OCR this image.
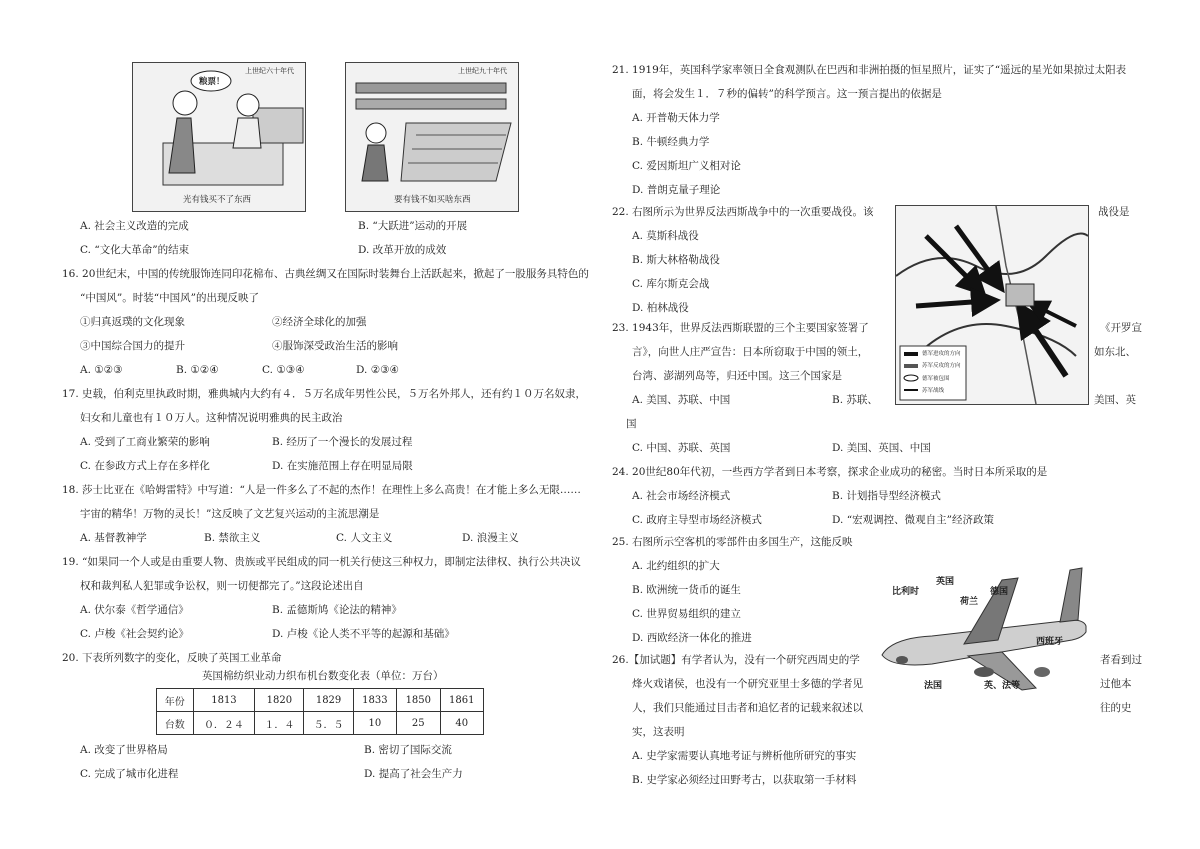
粮票！
上世纪六十年代
光有钱买不了东西
上世纪九十年代
要有钱不如买啥东西
A. 社会主义改造的完成	B. “大跃进”运动的开展
C. “文化大革命”的结束	D. 改革开放的成效
16. 20世纪末，中国的传统服饰连同印花棉布、古典丝绸又在国际时装舞台上活跃起来，掀起了一股服务具特色的
“中国风”。时装“中国风”的出现反映了
①归真返璞的文化现象	②经济全球化的加强
③中国综合国力的提升	④服饰深受政治生活的影响
A. ①②③	B. ①②④	C. ①③④	D. ②③④
17. 史载，伯利克里执政时期，雅典城内大约有４．５万名成年男性公民，５万名外邦人，还有约１０万名奴隶，
妇女和儿童也有１０万人。这种情况说明雅典的民主政治
A. 受到了工商业繁荣的影响	B. 经历了一个漫长的发展过程
C. 在参政方式上存在多样化	D. 在实施范围上存在明显局限
18. 莎士比亚在《哈姆雷特》中写道：“人是一件多么了不起的杰作！在理性上多么高贵！在才能上多么无限……
宇宙的精华！万物的灵长！”这反映了文艺复兴运动的主流思潮是
A. 基督教神学	B. 禁欲主义	C. 人文主义	D. 浪漫主义
19. “如果同一个人或是由重要人物、贵族或平民组成的同一机关行使这三种权力，即制定法律权、执行公共决议
权和裁判私人犯罪或争讼权，则一切便都完了。”这段论述出自
A. 伏尔泰《哲学通信》	B. 孟德斯鸠《论法的精神》
C. 卢梭《社会契约论》	D. 卢梭《论人类不平等的起源和基础》
20. 下表所列数字的变化，反映了英国工业革命
英国棉纺织业动力织布机台数变化表（单位：万台）
年份	1813	1820	1829	1833	1850	1861
台数	０．２４	１．４	５．５	10	25	40
A. 改变了世界格局	B. 密切了国际交流
C. 完成了城市化进程	D. 提高了社会生产力
21. 1919年，英国科学家率领日全食观测队在巴西和非洲拍摄的恒星照片，证实了“遥远的星光如果掠过太阳表
面，将会发生１．７秒的偏转”的科学预言。这一预言提出的依据是
A. 开普勒天体力学
B. 牛顿经典力学
C. 爱因斯坦广义相对论
D. 普朗克量子理论
22. 右图所示为世界反法西斯战争中的一次重要战役。该	战役是
A. 莫斯科战役
B. 斯大林格勒战役
C. 库尔斯克会战
D. 柏林战役
德军进攻的方向
苏军反攻的方向
德军被包围
苏军战线
23. 1943年，世界反法西斯联盟的三个主要国家签署了	《开罗宣
言》，向世人庄严宣告：日本所窃取于中国的领土，	如东北、
台湾、澎湖列岛等，归还中国。这三个国家是
A. 美国、苏联、中国	B. 苏联、	美国、英
国
C. 中国、苏联、英国	D. 美国、英国、中国
24. 20世纪80年代初，一些西方学者到日本考察，探求企业成功的秘密。当时日本所采取的是
A. 社会市场经济模式	B. 计划指导型经济模式
C. 政府主导型市场经济模式	D. “宏观调控、微观自主”经济政策
25. 右图所示空客机的零部件由多国生产，这能反映
A. 北约组织的扩大
B. 欧洲统一货币的诞生
C. 世界贸易组织的建立
D. 西欧经济一体化的推进
英国
比利时	德国
荷兰
西班牙
法国	英、法等
26.【加试题】有学者认为，没有一个研究西周史的学	者看到过
烽火戏诸侯，也没有一个研究亚里士多德的学者见	过他本
人，我们只能通过目击者和追忆者的记载来叙述以	往的史
实，这表明
A. 史学家需要认真地考证与辨析他所研究的事实
B. 史学家必须经过田野考古，以获取第一手材料
